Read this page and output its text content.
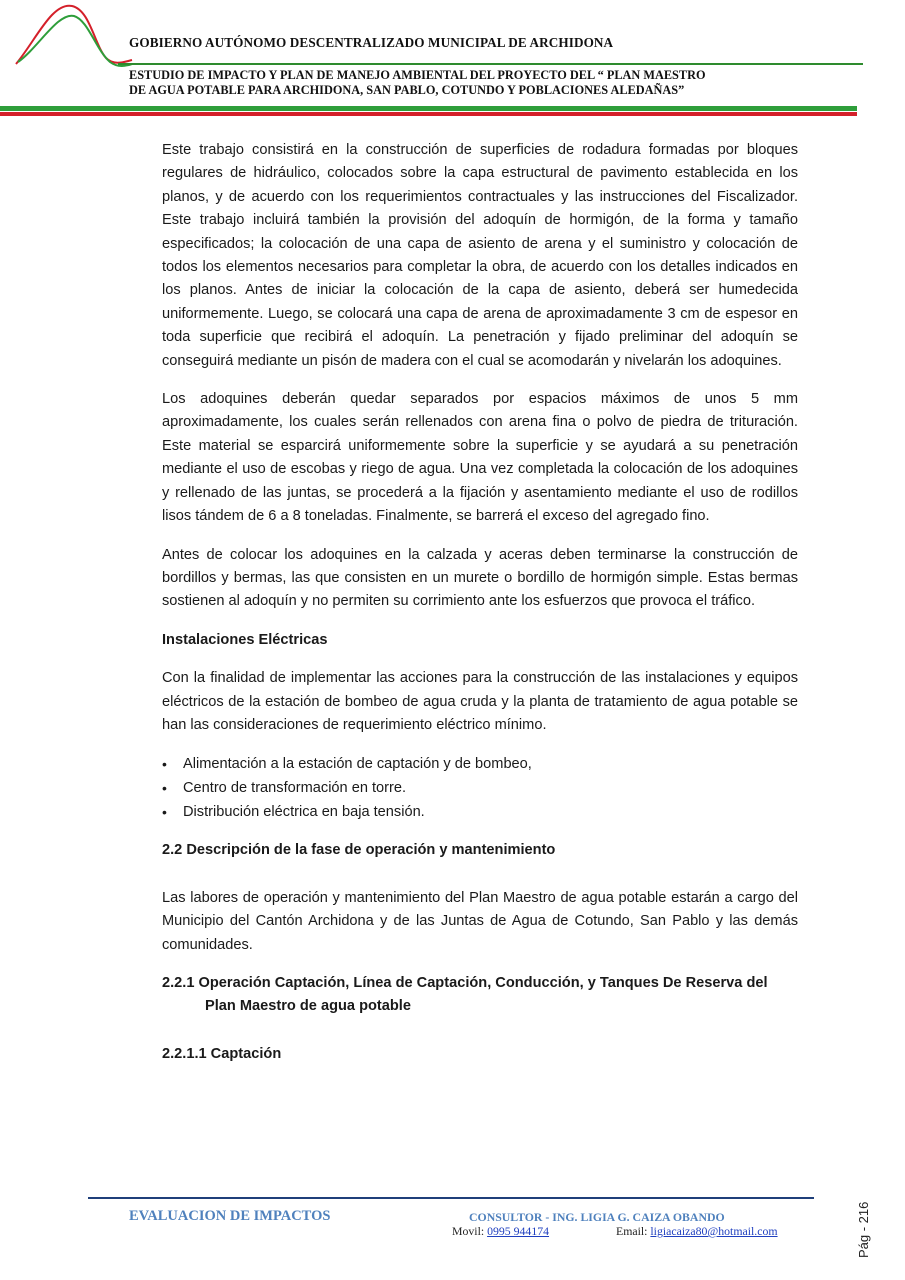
GOBIERNO AUTÓNOMO DESCENTRALIZADO MUNICIPAL DE ARCHIDONA
ESTUDIO DE IMPACTO Y PLAN DE MANEJO AMBIENTAL DEL PROYECTO DEL “ PLAN MAESTRO
DE AGUA POTABLE PARA ARCHIDONA, SAN PABLO, COTUNDO Y POBLACIONES ALEDAÑAS”

Este trabajo consistirá en la construcción de superficies de rodadura formadas por bloques regulares de hidráulico, colocados sobre la capa estructural de pavimento establecida en los planos, y de acuerdo con los requerimientos contractuales y las instrucciones del Fiscalizador. Este trabajo incluirá también la provisión del adoquín de hormigón, de la forma y tamaño especificados; la colocación de una capa de asiento de arena y el suministro y colocación de todos los elementos necesarios para completar la obra, de acuerdo con los detalles indicados en los planos. Antes de iniciar la colocación de la capa de asiento, deberá ser humedecida uniformemente. Luego, se colocará una capa de arena de aproximadamente 3 cm de espesor en toda superficie que recibirá el adoquín. La penetración y fijado preliminar del adoquín se conseguirá mediante un pisón de madera con el cual se acomodarán y nivelarán los adoquines.

Los adoquines deberán quedar separados por espacios máximos de unos 5 mm aproximadamente, los cuales serán rellenados con arena fina o polvo de piedra de trituración. Este material se esparcirá uniformemente sobre la superficie y se ayudará a su penetración mediante el uso de escobas y riego de agua. Una vez completada la colocación de los adoquines y rellenado de las juntas, se procederá a la fijación y asentamiento mediante el uso de rodillos lisos tándem de 6 a 8 toneladas. Finalmente, se barrerá el exceso del agregado fino.

Antes de colocar los adoquines en la calzada y aceras deben terminarse la construcción de bordillos y bermas, las que consisten en un murete o bordillo de hormigón simple. Estas bermas sostienen al adoquín y no permiten su corrimiento ante los esfuerzos que provoca el tráfico.

Instalaciones Eléctricas

Con la finalidad de implementar las acciones para la construcción de las instalaciones y equipos eléctricos de la estación de bombeo de agua cruda y la planta de tratamiento de agua potable se han las consideraciones de requerimiento eléctrico mínimo.

• Alimentación a la estación de captación y de bombeo,
• Centro de transformación en torre.
• Distribución eléctrica en baja tensión.
2.2 Descripción de la fase de operación y mantenimiento

Las labores de operación y mantenimiento del Plan Maestro de agua potable estarán a cargo del Municipio del Cantón Archidona y de las Juntas de Agua de Cotundo, San Pablo y las demás comunidades.

2.2.1 Operación Captación, Línea de Captación, Conducción, y Tanques De Reserva del Plan Maestro de agua potable
2.2.1.1 Captación
EVALUACION DE IMPACTOS	CONSULTOR - ING. LIGIA G. CAIZA OBANDO
Movil: 0995 944174	Email: ligiacaiza80@hotmail.com	Pág - 216
